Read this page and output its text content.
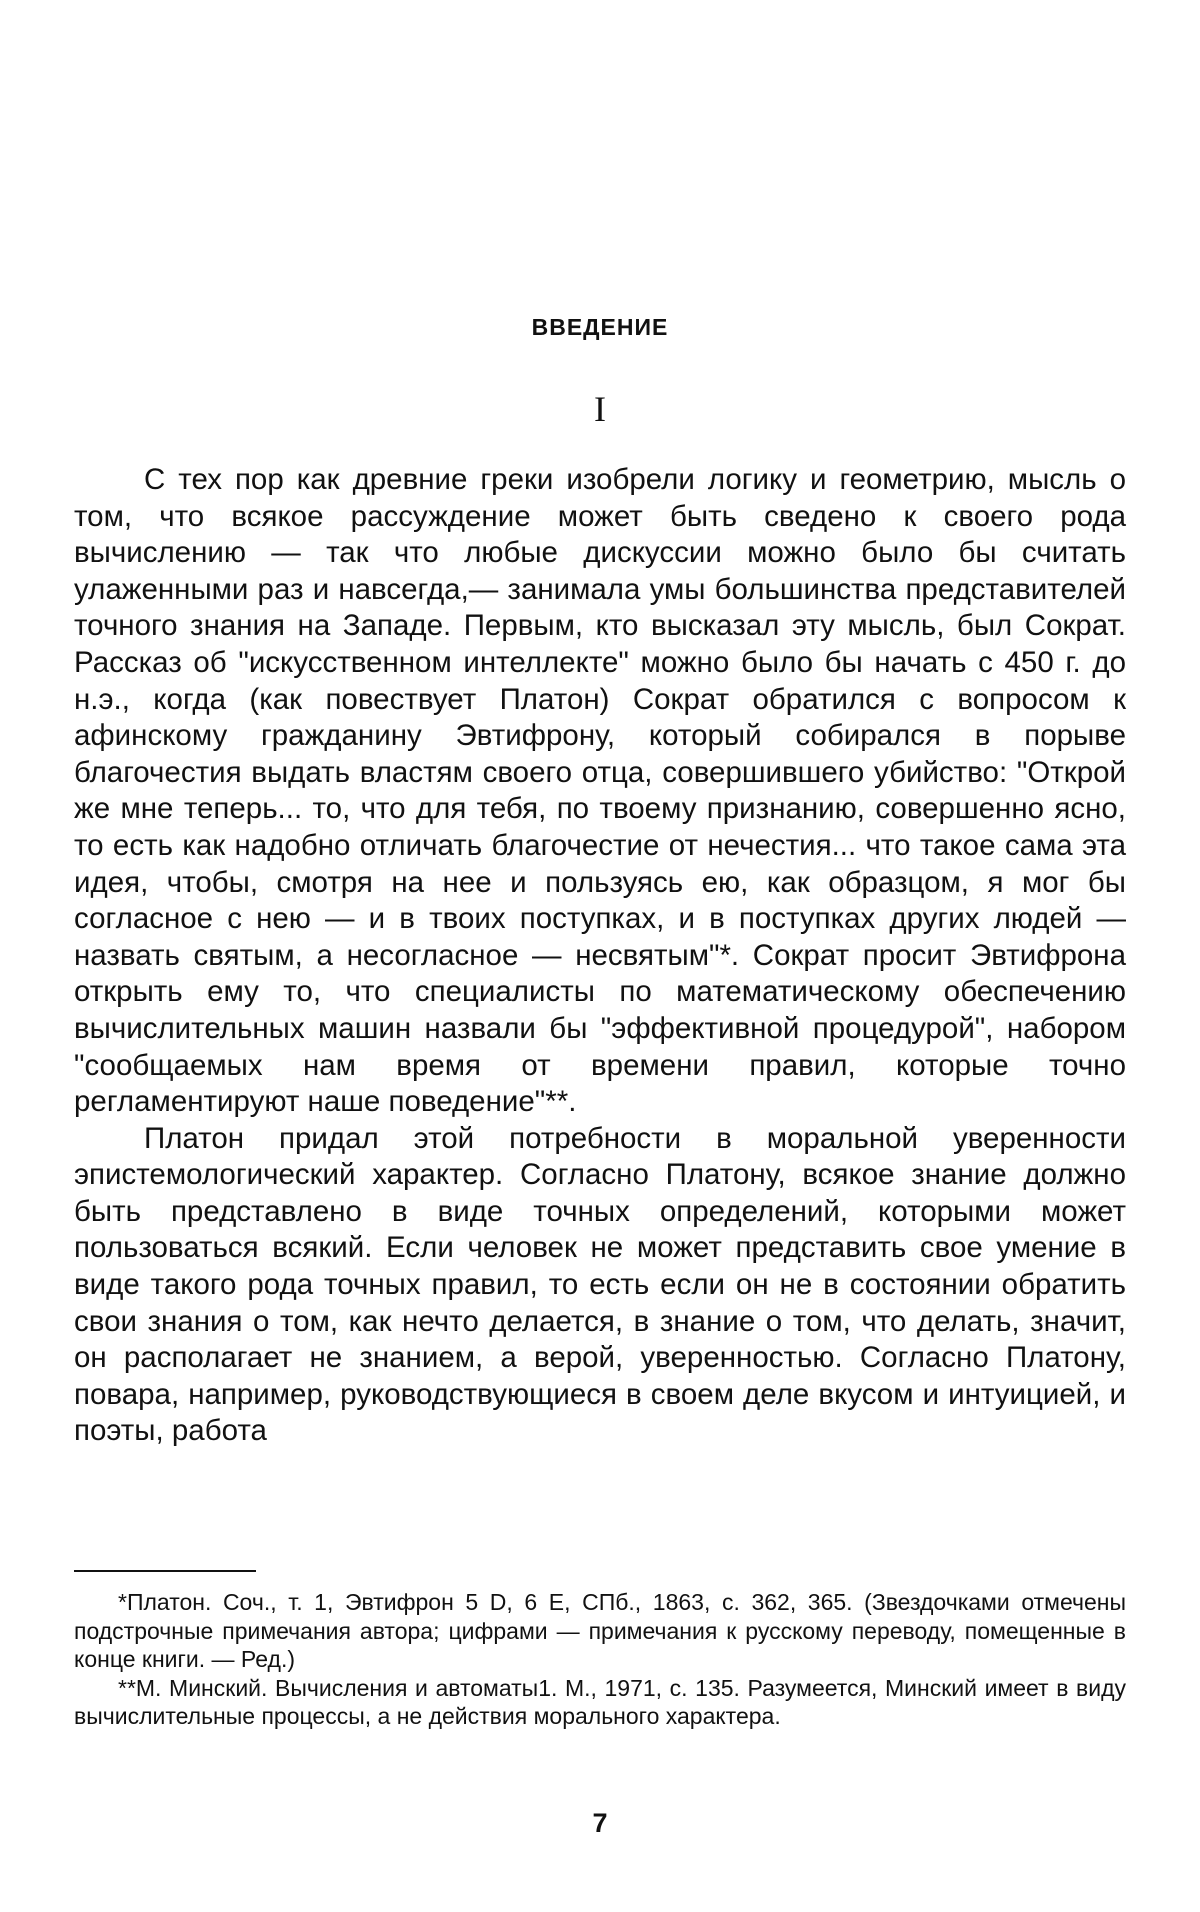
ВВЕДЕНИЕ
I

С тех пор как древние греки изобрели логику и геометрию, мысль о том, что всякое рассуждение может быть сведено к своего рода вычислению — так что любые дискуссии можно было бы считать улаженными раз и навсегда,— занимала умы большинства представителей точного знания на Западе. Первым, кто высказал эту мысль, был Сократ. Рассказ об "искусственном интеллекте" можно было бы начать с 450 г. до н.э., когда (как повествует Платон) Сократ обратился с вопросом к афинскому гражданину Эвтифрону, который собирался в порыве благочестия выдать властям своего отца, совершившего убийство: "Открой же мне теперь... то, что для тебя, по твоему признанию, совершенно ясно, то есть как надобно отличать благочестие от нечестия... что такое сама эта идея, чтобы, смотря на нее и пользуясь ею, как образцом, я мог бы согласное с нею — и в твоих поступках, и в поступках других людей — назвать святым, а несогласное — несвятым"*. Сократ просит Эвтифрона открыть ему то, что специалисты по математическому обеспечению вычислительных машин назвали бы "эффективной процедурой", набором "сообщаемых нам время от времени правил, которые точно регламентируют наше поведение"**.

Платон придал этой потребности в моральной уверенности эпистемологический характер. Согласно Платону, всякое знание должно быть представлено в виде точных определений, которыми может пользоваться всякий. Если человек не может представить свое умение в виде такого рода точных правил, то есть если он не в состоянии обратить свои знания о том, как нечто делается, в знание о том, что делать, значит, он располагает не знанием, а верой, уверенностью. Согласно Платону, повара, например, руководствующиеся в своем деле вкусом и интуицией, и поэты, работа

*Платон. Соч., т. 1, Эвтифрон 5 D, 6 Е, СПб., 1863, с. 362, 365. (Звездочками отмечены подстрочные примечания автора; цифрами — примечания к русскому переводу, помещенные в конце книги. — Ред.)

**М. Минский. Вычисления и автоматы1. М., 1971, с. 135. Разумеется, Минский имеет в виду вычислительные процессы, а не действия морального характера.

7
